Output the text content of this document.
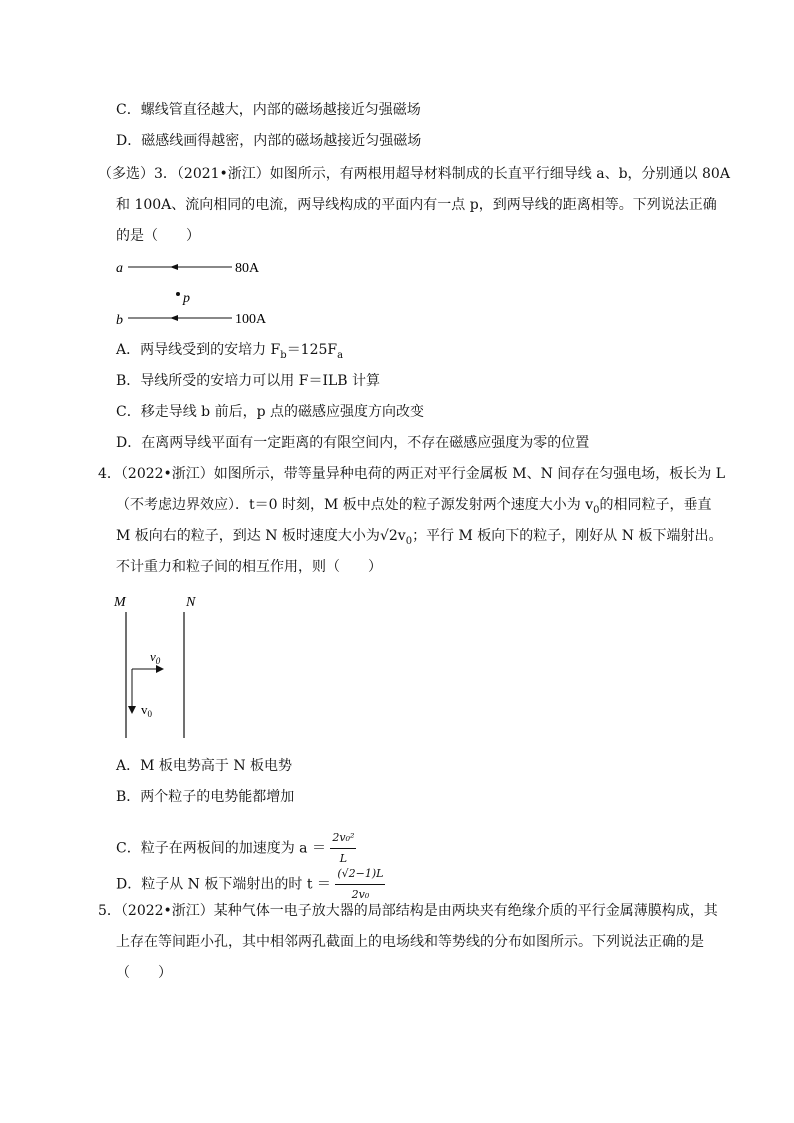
C．螺线管直径越大，内部的磁场越接近匀强磁场
D．磁感线画得越密，内部的磁场越接近匀强磁场
（多选）3．（2021•浙江）如图所示，有两根用超导材料制成的长直平行细导线 a、b，分别通以 80A
和 100A、流向相同的电流，两导线构成的平面内有一点 p，到两导线的距离相等。下列说法正确
的是（　　）
a	80A
p
b	100A
A．两导线受到的安培力 $F_b=125F_a$
B．导线所受的安培力可以用 F＝ILB 计算
C．移走导线 b 前后，p 点的磁感应强度方向改变
D．在离两导线平面有一定距离的有限空间内，不存在磁感应强度为零的位置
4．（2022•浙江）如图所示，带等量异种电荷的两正对平行金属板 M、N 间存在匀强电场，板长为 L
（不考虑边界效应）．t＝0 时刻，M 板中点处的粒子源发射两个速度大小为 $v_0$的相同粒子，垂直
M 板向右的粒子，到达 N 板时速度大小为$√2v_0$；平行 M 板向下的粒子，刚好从 N 板下端射出。
不计重力和粒子间的相互作用，则（　　）
M	N
$v_0$
$v_0$
A．M 板电势高于 N 板电势
B．两个粒子的电势能都增加
C．粒子在两板间的加速度为 $a = \frac{\text{2v₀²}}{L}$
D．粒子从 N 板下端射出的时 $t = \frac{(√2-1)L}{\text{2v₀}}$
5．（2022•浙江）某种气体一电子放大器的局部结构是由两块夹有绝缘介质的平行金属薄膜构成，其
上存在等间距小孔，其中相邻两孔截面上的电场线和等势线的分布如图所示。下列说法正确的是
（　　）
